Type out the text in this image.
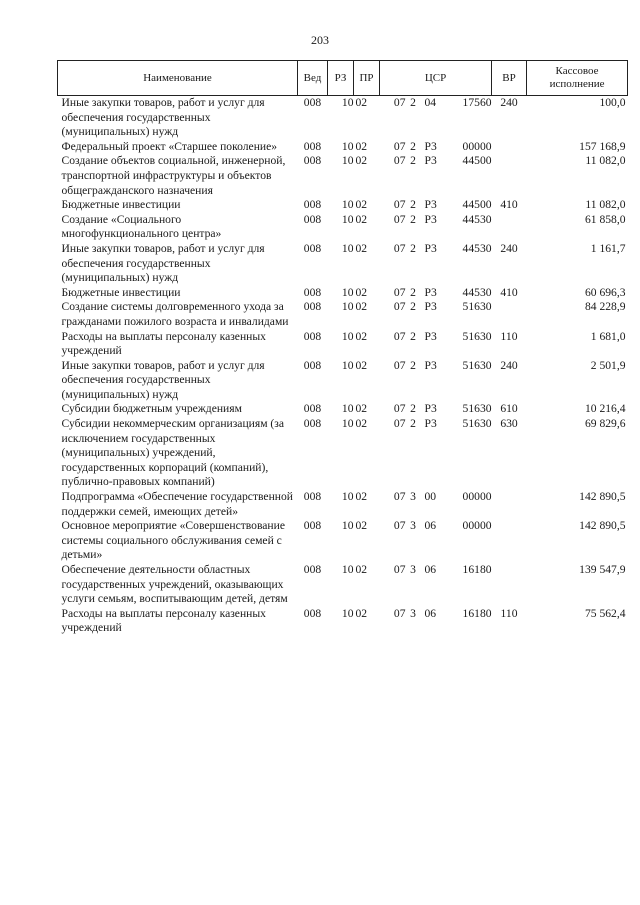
203
Наименование	Вед	РЗ	ПР	ЦСР				ВР	Кассовое исполнение
Иные закупки товаров, работ и услуг для обеспечения государственных (муниципальных) нужд	008	10	02	07	2	04	17560	240	100,0
Федеральный проект «Старшее поколение»	008	10	02	07	2	P3	00000		157 168,9
Создание объектов социальной, инженерной, транспортной инфраструктуры и объектов общегражданского назначения	008	10	02	07	2	P3	44500		11 082,0
Бюджетные инвестиции	008	10	02	07	2	P3	44500	410	11 082,0
Создание «Социального многофункционального центра»	008	10	02	07	2	P3	44530		61 858,0
Иные закупки товаров, работ и услуг для обеспечения государственных (муниципальных) нужд	008	10	02	07	2	P3	44530	240	1 161,7
Бюджетные инвестиции	008	10	02	07	2	P3	44530	410	60 696,3
Создание системы долговременного ухода за гражданами пожилого возраста и инвалидами	008	10	02	07	2	P3	51630		84 228,9
Расходы на выплаты персоналу казенных учреждений	008	10	02	07	2	P3	51630	110	1 681,0
Иные закупки товаров, работ и услуг для обеспечения государственных (муниципальных) нужд	008	10	02	07	2	P3	51630	240	2 501,9
Субсидии бюджетным учреждениям	008	10	02	07	2	P3	51630	610	10 216,4
Субсидии некоммерческим организациям (за исключением государственных (муниципальных) учреждений, государственных корпораций (компаний), публично-правовых компаний)	008	10	02	07	2	P3	51630	630	69 829,6
Подпрограмма «Обеспечение государственной поддержки семей, имеющих детей»	008	10	02	07	3	00	00000		142 890,5
Основное мероприятие «Совершенствование системы социального обслуживания семей с детьми»	008	10	02	07	3	06	00000		142 890,5
Обеспечение деятельности областных государственных учреждений, оказывающих услуги семьям, воспитывающим детей, детям	008	10	02	07	3	06	16180		139 547,9
Расходы на выплаты персоналу казенных учреждений	008	10	02	07	3	06	16180	110	75 562,4
